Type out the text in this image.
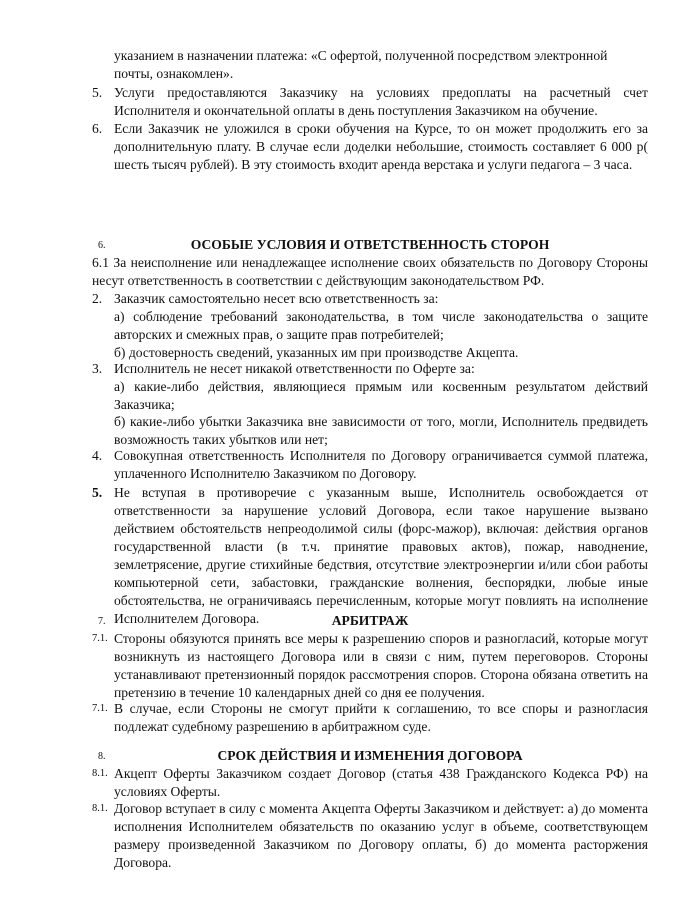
указанием в назначении платежа: «С офертой, полученной посредством электронной
почты, ознакомлен».
5. Услуги предоставляются Заказчику на условиях предоплаты на расчетный счет Исполнителя и окончательной оплаты в день поступления Заказчиком на обучение.
6. Если Заказчик не уложился в сроки обучения на Курсе, то он может продолжить его за дополнительную плату. В случае если доделки небольшие, стоимость составляет 6 000 р( шесть тысяч рублей). В эту стоимость входит аренда верстака и услуги педагога – 3 часа.
6.	ОСОБЫЕ УСЛОВИЯ И ОТВЕТСТВЕННОСТЬ СТОРОН
6.1 За неисполнение или ненадлежащее исполнение своих обязательств по Договору Стороны несут ответственность в соответствии с действующим законодательством РФ.
2. Заказчик самостоятельно несет всю ответственность за:
а) соблюдение требований законодательства, в том числе законодательства о защите авторских и смежных прав, о защите прав потребителей;
б) достоверность сведений, указанных им при производстве Акцепта.
3. Исполнитель не несет никакой ответственности по Оферте за:
а) какие-либо действия, являющиеся прямым или косвенным результатом действий Заказчика;
б) какие-либо убытки Заказчика вне зависимости от того, могли, Исполнитель предвидеть возможность таких убытков или нет;
4. Совокупная ответственность Исполнителя по Договору ограничивается суммой платежа, уплаченного Исполнителю Заказчиком по Договору.
5. Не вступая в противоречие с указанным выше, Исполнитель освобождается от ответственности за нарушение условий Договора, если такое нарушение вызвано действием обстоятельств непреодолимой силы (форс-мажор), включая: действия органов государственной власти (в т.ч. принятие правовых актов), пожар, наводнение, землетрясение, другие стихийные бедствия, отсутствие электроэнергии и/или сбои работы компьютерной сети, забастовки, гражданские волнения, беспорядки, любые иные обстоятельства, не ограничиваясь перечисленным, которые могут повлиять на исполнение Исполнителем Договора.
7.	АРБИТРАЖ
7.1. Стороны обязуются принять все меры к разрешению споров и разногласий, которые могут возникнуть из настоящего Договора или в связи с ним, путем переговоров. Стороны устанавливают претензионный порядок рассмотрения споров. Сторона обязана ответить на претензию в течение 10 календарных дней со дня ее получения.
7.1. В случае, если Стороны не смогут прийти к соглашению, то все споры и разногласия подлежат судебному разрешению в арбитражном суде.
8.	СРОК ДЕЙСТВИЯ И ИЗМЕНЕНИЯ ДОГОВОРА
8.1. Акцепт Оферты Заказчиком создает Договор (статья 438 Гражданского Кодекса РФ) на условиях Оферты.
8.1. Договор вступает в силу с момента Акцепта Оферты Заказчиком и действует: а) до момента исполнения Исполнителем обязательств по оказанию услуг в объеме, соответствующем размеру произведенной Заказчиком по Договору оплаты, б) до момента расторжения Договора.
